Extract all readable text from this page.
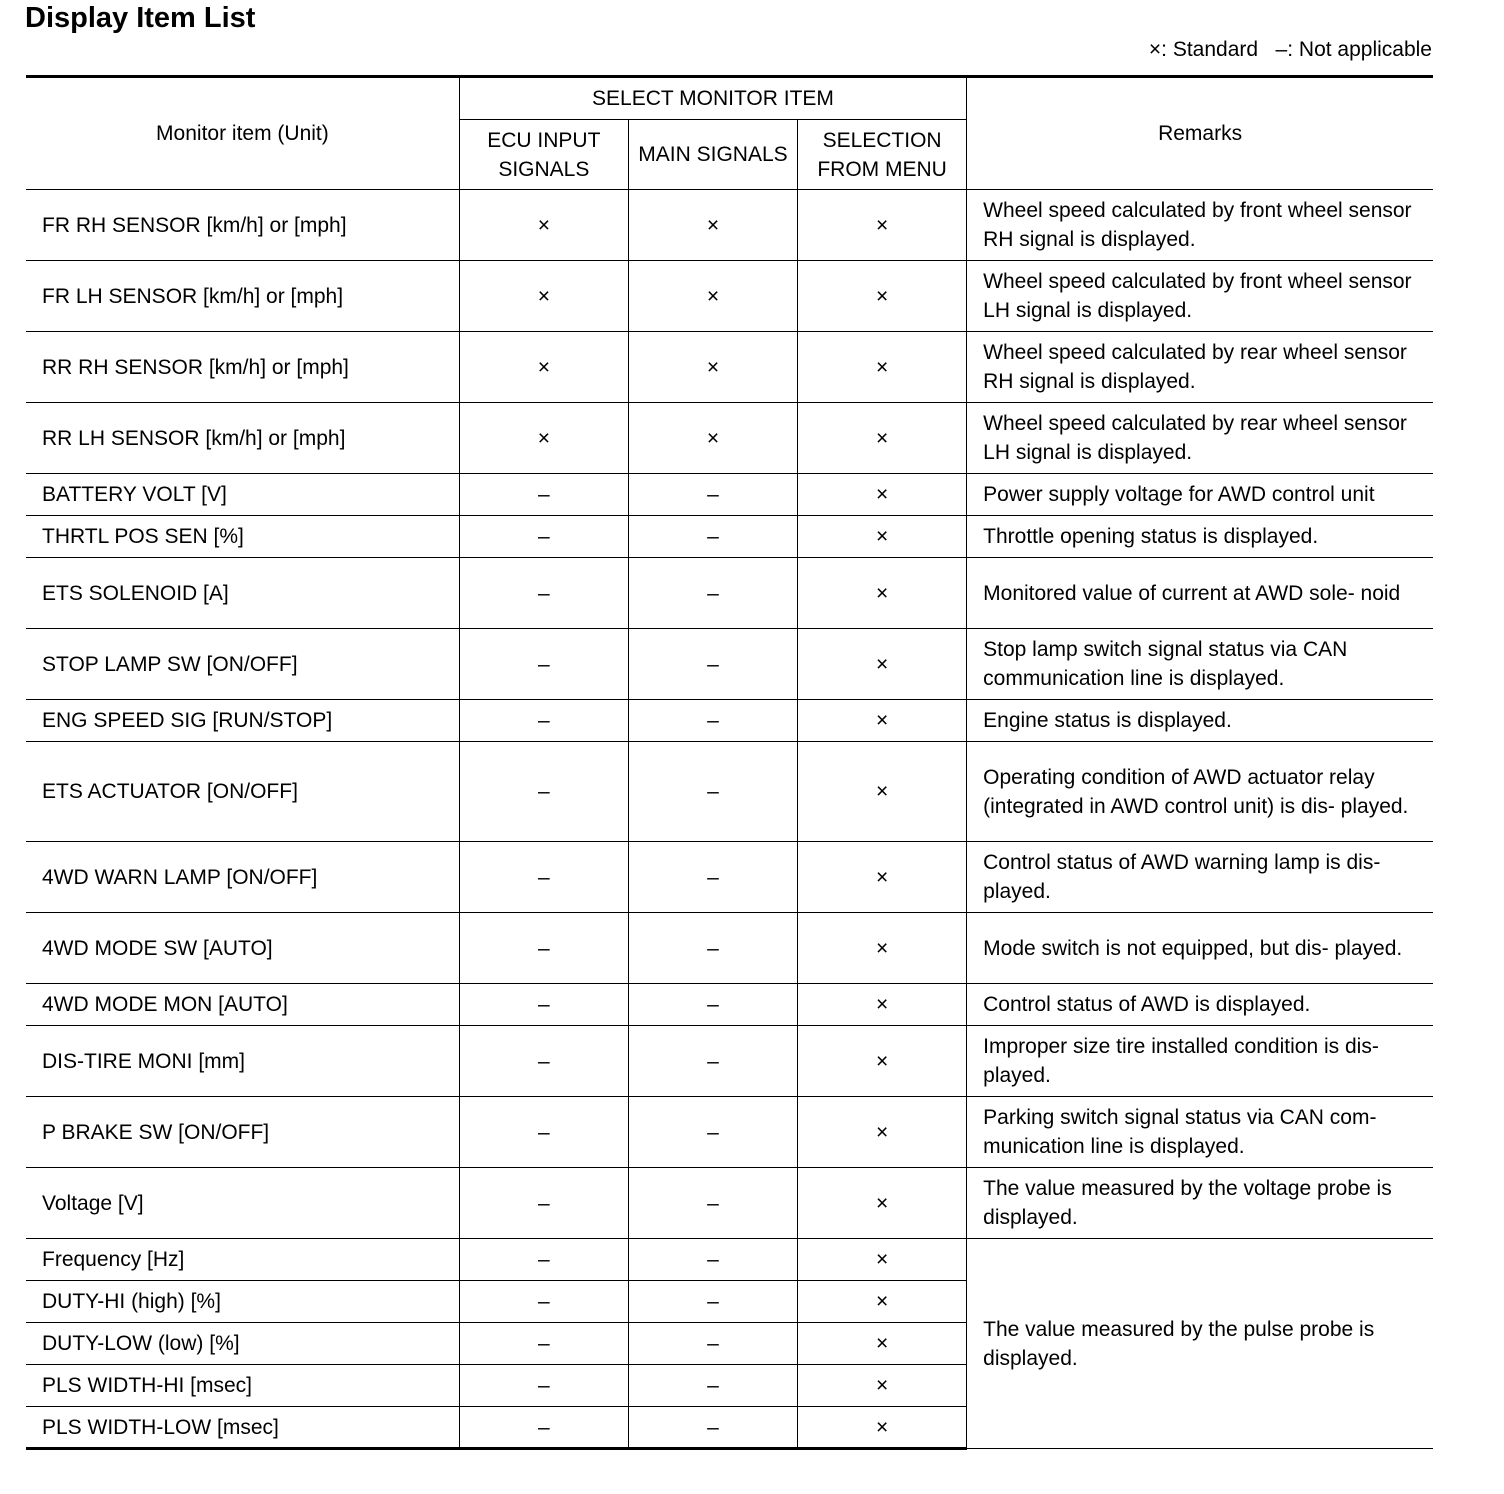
Display Item List
×: Standard   –: Not applicable
Monitor item (Unit)	SELECT MONITOR ITEM			Remarks
	ECU INPUT SIGNALS	MAIN SIGNALS	SELECTION FROM MENU	
FR RH SENSOR [km/h] or [mph]	×	×	×	Wheel speed calculated by front wheel sensor RH signal is displayed.
FR LH SENSOR [km/h] or [mph]	×	×	×	Wheel speed calculated by front wheel sensor LH signal is displayed.
RR RH SENSOR [km/h] or [mph]	×	×	×	Wheel speed calculated by rear wheel sensor RH signal is displayed.
RR LH SENSOR [km/h] or [mph]	×	×	×	Wheel speed calculated by rear wheel sensor LH signal is displayed.
BATTERY VOLT [V]	–	–	×	Power supply voltage for AWD control unit
THRTL POS SEN [%]	–	–	×	Throttle opening status is displayed.
ETS SOLENOID [A]	–	–	×	Monitored value of current at AWD sole- noid
STOP LAMP SW [ON/OFF]	–	–	×	Stop lamp switch signal status via CAN communication line is displayed.
ENG SPEED SIG [RUN/STOP]	–	–	×	Engine status is displayed.
ETS ACTUATOR [ON/OFF]	–	–	×	Operating condition of AWD actuator relay (integrated in AWD control unit) is dis- played.
4WD WARN LAMP [ON/OFF]	–	–	×	Control status of AWD warning lamp is dis- played.
4WD MODE SW [AUTO]	–	–	×	Mode switch is not equipped, but dis- played.
4WD MODE MON [AUTO]	–	–	×	Control status of AWD is displayed.
DIS-TIRE MONI [mm]	–	–	×	Improper size tire installed condition is dis- played.
P BRAKE SW [ON/OFF]	–	–	×	Parking switch signal status via CAN com- munication line is displayed.
Voltage [V]	–	–	×	The value measured by the voltage probe is displayed.
Frequency [Hz]	–	–	×	The value measured by the pulse probe is displayed.
DUTY-HI (high) [%]	–	–	×	
DUTY-LOW (low) [%]	–	–	×	
PLS WIDTH-HI [msec]	–	–	×	
PLS WIDTH-LOW [msec]	–	–	×	
